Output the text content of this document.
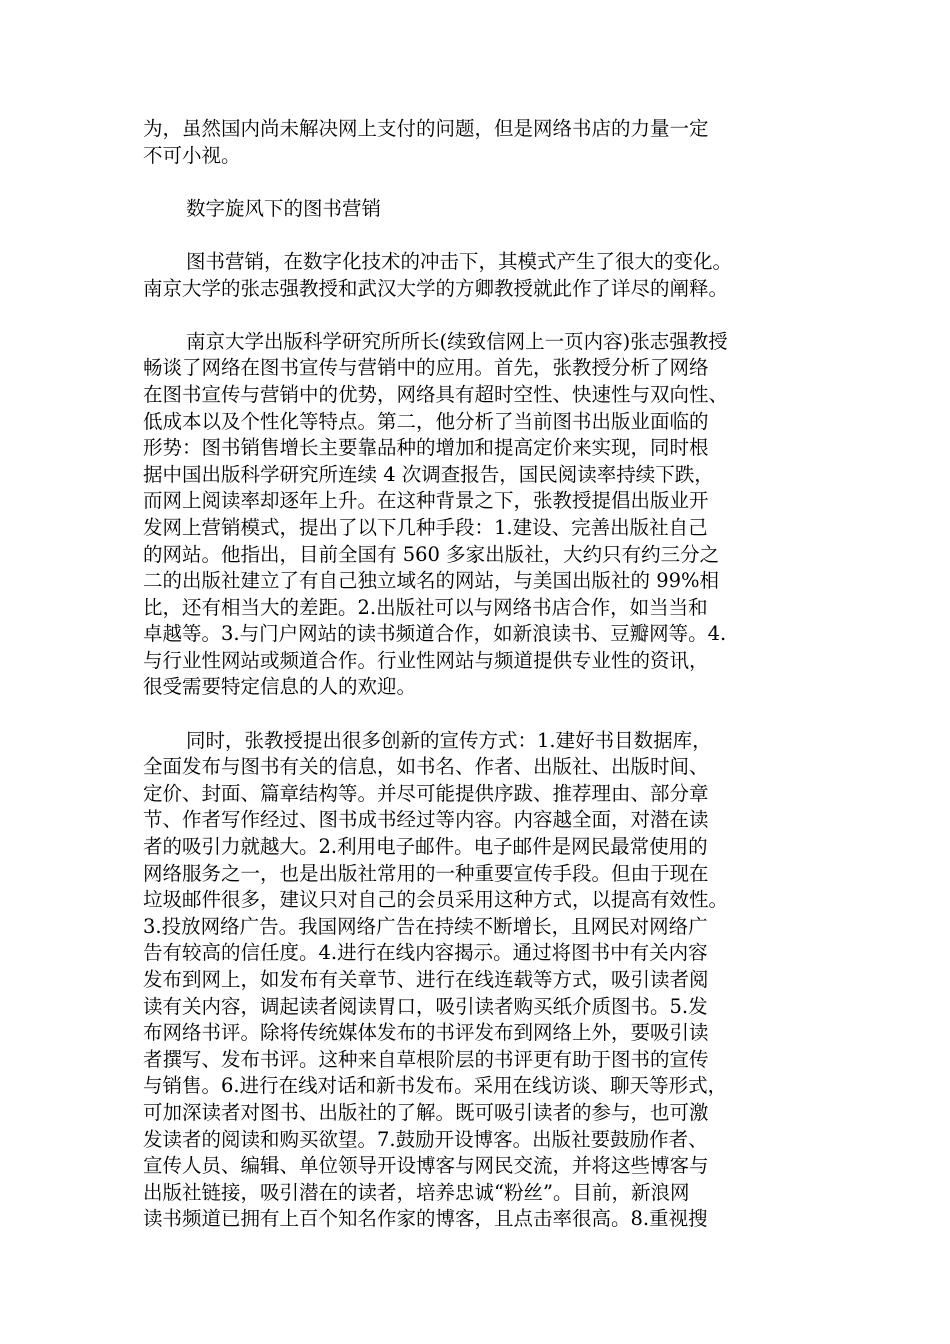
为，虽然国内尚未解决网上支付的问题，但是网络书店的力量一定
不可小视。
数字旋风下的图书营销
图书营销，在数字化技术的冲击下，其模式产生了很大的变化。
南京大学的张志强教授和武汉大学的方卿教授就此作了详尽的阐释。
南京大学出版科学研究所所长(续致信网上一页内容)张志强教授
畅谈了网络在图书宣传与营销中的应用。首先，张教授分析了网络
在图书宣传与营销中的优势，网络具有超时空性、快速性与双向性、
低成本以及个性化等特点。第二，他分析了当前图书出版业面临的
形势：图书销售增长主要靠品种的增加和提高定价来实现，同时根
据中国出版科学研究所连续 4 次调查报告，国民阅读率持续下跌，
而网上阅读率却逐年上升。在这种背景之下，张教授提倡出版业开
发网上营销模式，提出了以下几种手段：1.建设、完善出版社自己
的网站。他指出，目前全国有 560 多家出版社，大约只有约三分之
二的出版社建立了有自己独立域名的网站，与美国出版社的 99%相
比，还有相当大的差距。2.出版社可以与网络书店合作，如当当和
卓越等。3.与门户网站的读书频道合作，如新浪读书、豆瓣网等。4.
与行业性网站或频道合作。行业性网站与频道提供专业性的资讯，
很受需要特定信息的人的欢迎。
同时，张教授提出很多创新的宣传方式：1.建好书目数据库，
全面发布与图书有关的信息，如书名、作者、出版社、出版时间、
定价、封面、篇章结构等。并尽可能提供序跋、推荐理由、部分章
节、作者写作经过、图书成书经过等内容。内容越全面，对潜在读
者的吸引力就越大。2.利用电子邮件。电子邮件是网民最常使用的
网络服务之一，也是出版社常用的一种重要宣传手段。但由于现在
垃圾邮件很多，建议只对自己的会员采用这种方式，以提高有效性。
3.投放网络广告。我国网络广告在持续不断增长，且网民对网络广
告有较高的信任度。4.进行在线内容揭示。通过将图书中有关内容
发布到网上，如发布有关章节、进行在线连载等方式，吸引读者阅
读有关内容，调起读者阅读胃口，吸引读者购买纸介质图书。5.发
布网络书评。除将传统媒体发布的书评发布到网络上外，要吸引读
者撰写、发布书评。这种来自草根阶层的书评更有助于图书的宣传
与销售。6.进行在线对话和新书发布。采用在线访谈、聊天等形式，
可加深读者对图书、出版社的了解。既可吸引读者的参与，也可激
发读者的阅读和购买欲望。7.鼓励开设博客。出版社要鼓励作者、
宣传人员、编辑、单位领导开设博客与网民交流，并将这些博客与
出版社链接，吸引潜在的读者，培养忠诚“粉丝”。目前，新浪网
读书频道已拥有上百个知名作家的博客，且点击率很高。8.重视搜
